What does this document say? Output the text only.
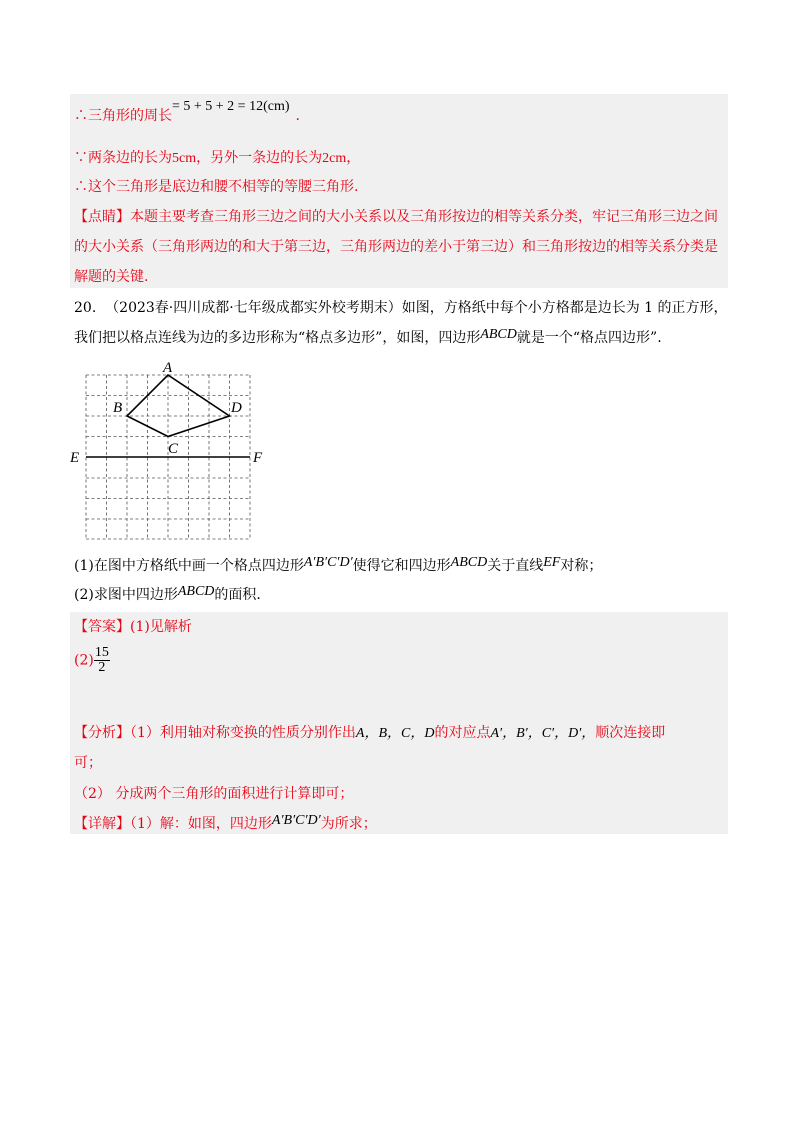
∴三角形的周长= 5 + 5 + 2 = 12(cm).
∵两条边的长为5cm，另外一条边的长为2cm，
∴这个三角形是底边和腰不相等的等腰三角形.
【点睛】本题主要考查三角形三边之间的大小关系以及三角形按边的相等关系分类，牢记三角形三边之间
的大小关系（三角形两边的和大于第三边，三角形两边的差小于第三边）和三角形按边的相等关系分类是
解题的关键.
20. （2023春·四川成都·七年级成都实外校考期末）如图，方格纸中每个小方格都是边长为 1 的正方形，
我们把以格点连线为边的多边形称为“格点多边形”，如图，四边形ABCD就是一个“格点四边形”.
A
B
C
D
E	F
(1)在图中方格纸中画一个格点四边形A′B′C′D′使得它和四边形ABCD关于直线EF对称；
(2)求图中四边形ABCD的面积.
【答案】(1)见解析
$(2) \frac{15}{2}$
【分析】（1）利用轴对称变换的性质分别作出A，B，C，D的对应点A′，B′，C′，D′，顺次连接即
可；
（2） 分成两个三角形的面积进行计算即可；
【详解】（1）解：如图，四边形A′B′C′D′为所求；
